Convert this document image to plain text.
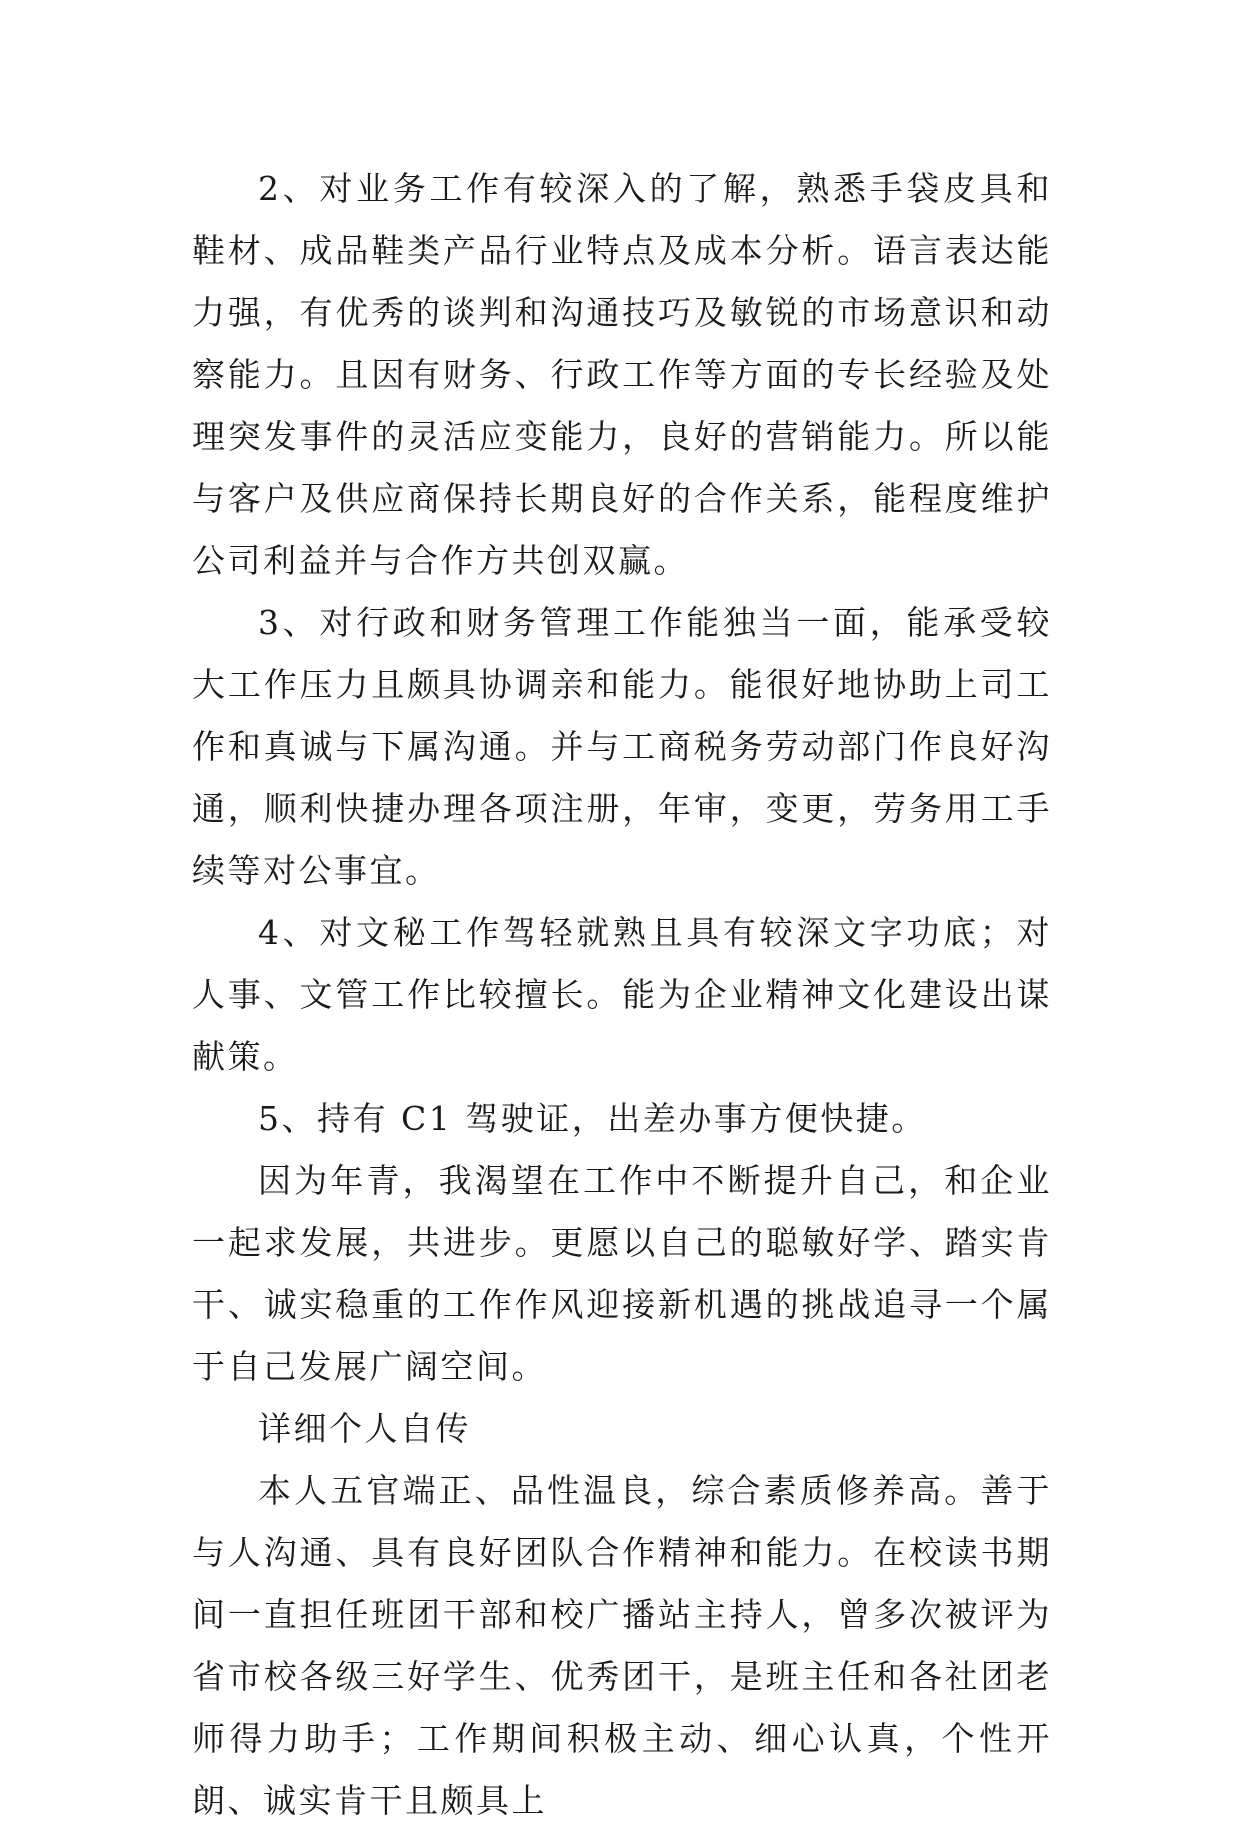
2、对业务工作有较深入的了解，熟悉手袋皮具和鞋材、成品鞋类产品行业特点及成本分析。语言表达能力强，有优秀的谈判和沟通技巧及敏锐的市场意识和动察能力。且因有财务、行政工作等方面的专长经验及处理突发事件的灵活应变能力，良好的营销能力。所以能与客户及供应商保持长期良好的合作关系，能程度维护公司利益并与合作方共创双赢。

3、对行政和财务管理工作能独当一面，能承受较大工作压力且颇具协调亲和能力。能很好地协助上司工作和真诚与下属沟通。并与工商税务劳动部门作良好沟通，顺利快捷办理各项注册，年审，变更，劳务用工手续等对公事宜。

4、对文秘工作驾轻就熟且具有较深文字功底；对人事、文管工作比较擅长。能为企业精神文化建设出谋献策。

5、持有 C1 驾驶证，出差办事方便快捷。

因为年青，我渴望在工作中不断提升自己，和企业一起求发展，共进步。更愿以自己的聪敏好学、踏实肯干、诚实稳重的工作作风迎接新机遇的挑战追寻一个属于自己发展广阔空间。

详细个人自传

本人五官端正、品性温良，综合素质修养高。善于与人沟通、具有良好团队合作精神和能力。在校读书期间一直担任班团干部和校广播站主持人，曾多次被评为省市校各级三好学生、优秀团干，是班主任和各社团老师得力助手；工作期间积极主动、细心认真，个性开朗、诚实肯干且颇具上
